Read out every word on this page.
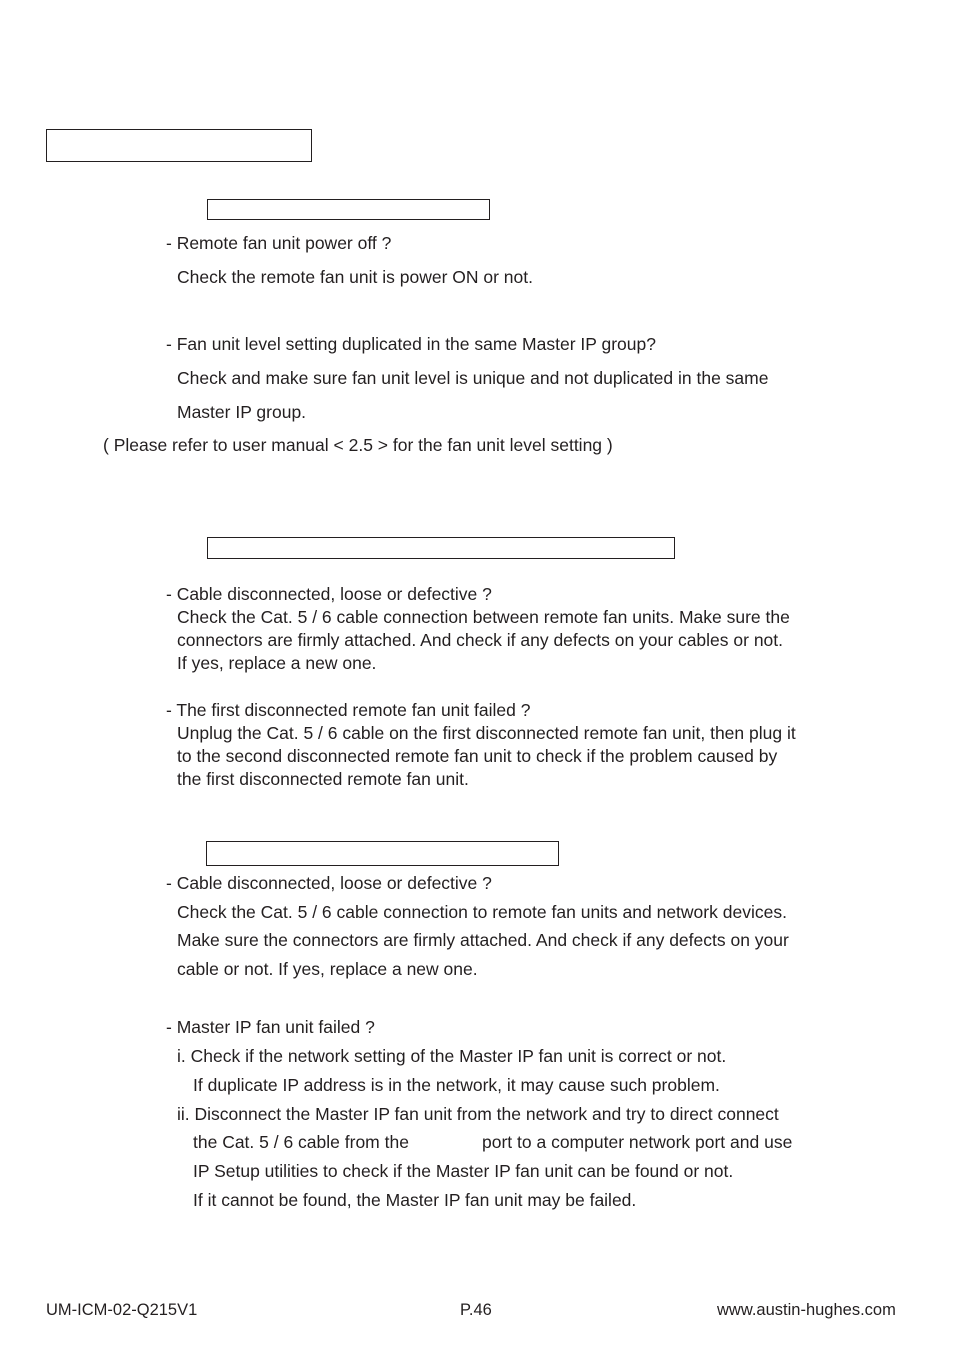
- Remote fan unit power off ?
Check the remote fan unit is power ON or not.
- Fan unit level setting duplicated in the same Master IP group?
Check and make sure fan unit level is unique and not duplicated in the same
Master IP group.
( Please refer to user manual < 2.5 > for the fan unit level setting )
- Cable disconnected, loose or defective ?
Check the Cat. 5 / 6 cable connection between remote fan units. Make sure the
connectors are firmly attached. And check if any defects on your cables or not.
If yes, replace a new one.
- The first disconnected remote fan unit failed ?
Unplug the Cat. 5 / 6 cable on the first disconnected remote fan unit, then plug it
to the second disconnected remote fan unit to check if the problem caused by
the first disconnected remote fan unit.
- Cable disconnected, loose or defective ?
Check the Cat. 5 / 6 cable connection to remote fan units and network devices.
Make sure the connectors are firmly attached. And check if any defects on your
cable or not. If yes, replace a new one.
- Master IP fan unit failed ?
i. Check if the network setting of the Master IP fan unit is correct or not.
If duplicate IP address is in the network, it may cause such problem.
ii. Disconnect the Master IP fan unit from the network and try to direct connect
the Cat. 5 / 6 cable from the	port to a computer network port and use
IP Setup utilities to check if the Master IP fan unit can be found or not.
If it cannot be found, the Master IP fan unit may be failed.
UM-ICM-02-Q215V1	P.46	www.austin-hughes.com
